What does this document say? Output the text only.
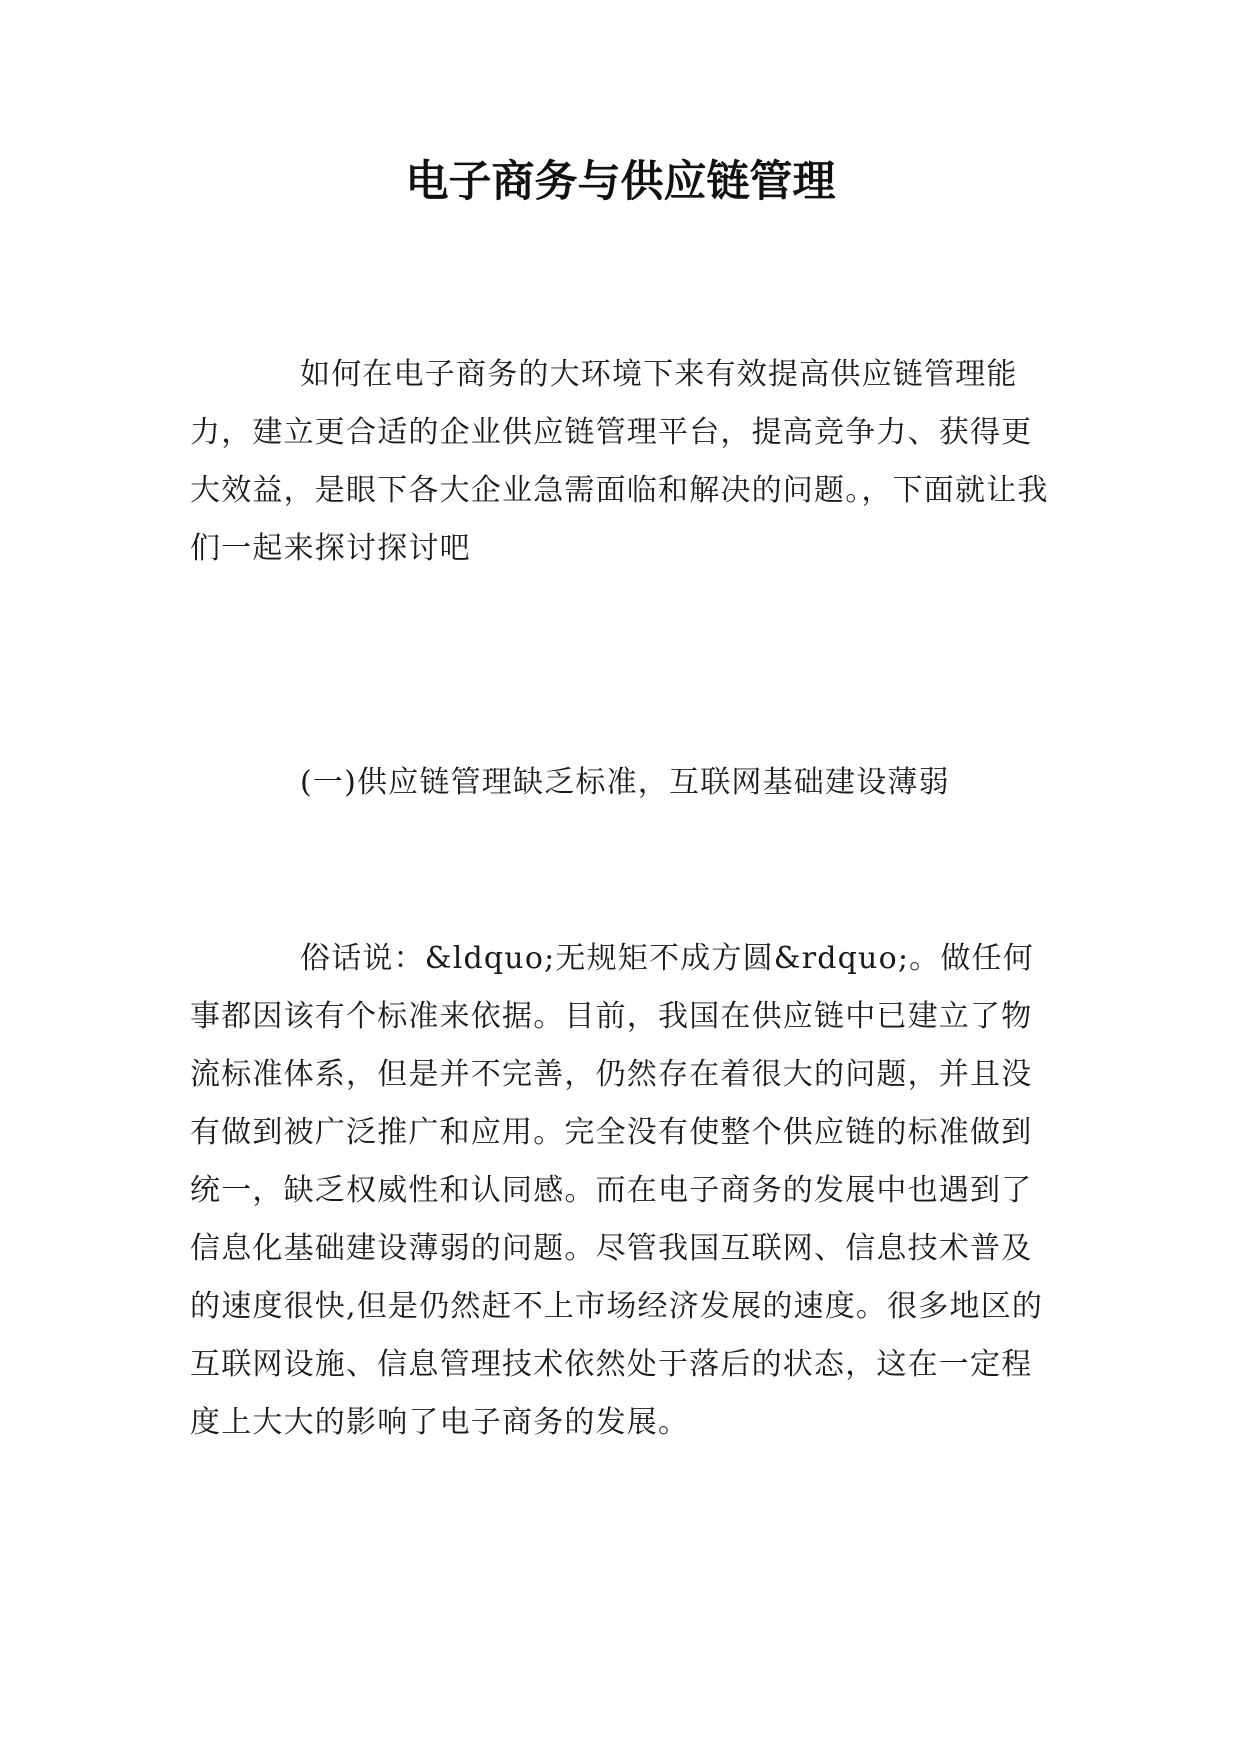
电子商务与供应链管理

如何在电子商务的大环境下来有效提高供应链管理能力，建立更合适的企业供应链管理平台，提高竞争力、获得更大效益，是眼下各大企业急需面临和解决的问题。，下面就让我们一起来探讨探讨吧

(一)供应链管理缺乏标准，互联网基础建设薄弱

俗话说：&ldquo;无规矩不成方圆&rdquo;。做任何事都因该有个标准来依据。目前，我国在供应链中已建立了物流标准体系，但是并不完善，仍然存在着很大的问题，并且没有做到被广泛推广和应用。完全没有使整个供应链的标准做到统一，缺乏权威性和认同感。而在电子商务的发展中也遇到了信息化基础建设薄弱的问题。尽管我国互联网、信息技术普及的速度很快,但是仍然赶不上市场经济发展的速度。很多地区的互联网设施、信息管理技术依然处于落后的状态，这在一定程度上大大的影响了电子商务的发展。
